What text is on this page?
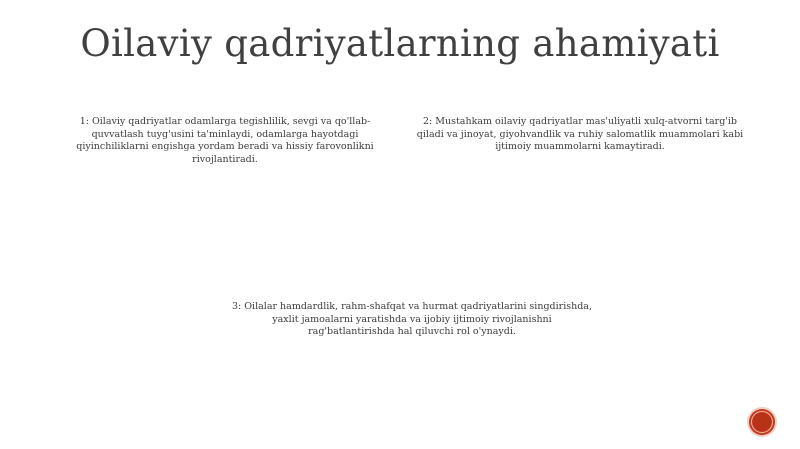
Oilaviy qadriyatlarning ahamiyati
1: Oilaviy qadriyatlar odamlarga tegishlilik, sevgi va qo'llab-quvvatlash tuyg'usini ta'minlaydi, odamlarga hayotdagi qiyinchiliklarni engishga yordam beradi va hissiy farovonlikni rivojlantiradi.
2: Mustahkam oilaviy qadriyatlar mas'uliyatli xulq-atvorni targ'ib qiladi va jinoyat, giyohvandlik va ruhiy salomatlik muammolari kabi ijtimoiy muammolarni kamaytiradi.
3: Oilalar hamdardlik, rahm-shafqat va hurmat qadriyatlarini singdirishda, yaxlit jamoalarni yaratishda va ijobiy ijtimoiy rivojlanishni rag'batlantirishda hal qiluvchi rol o'ynaydi.
